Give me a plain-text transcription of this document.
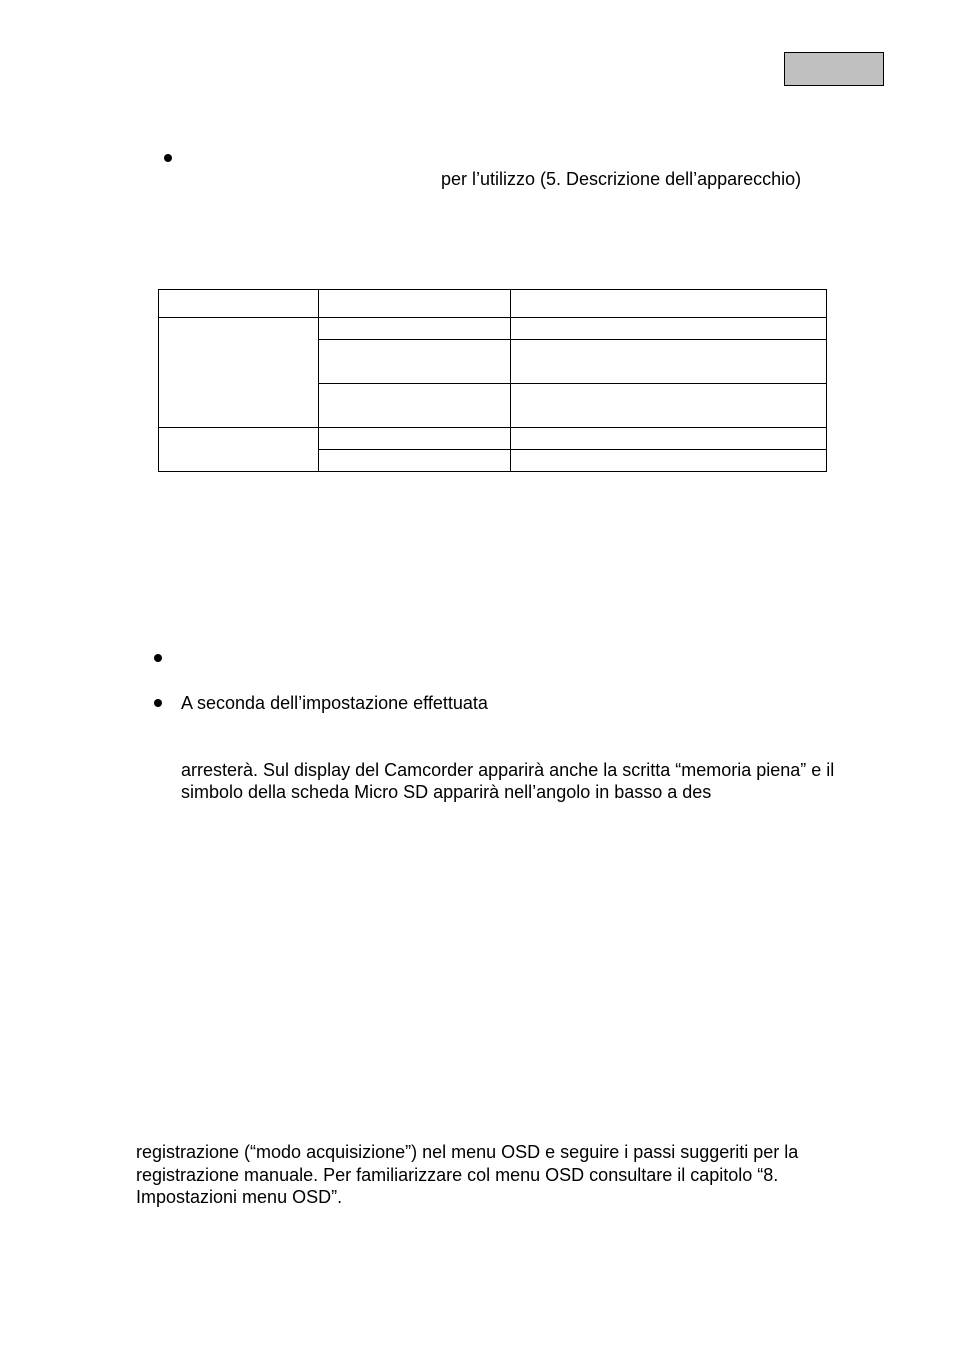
per l’utilizzo (5. Descrizione dell’apparecchio)

A seconda dell’impostazione effettuata
arresterà. Sul display del Camcorder apparirà anche la scritta “memoria piena” e il
simbolo della scheda Micro SD apparirà nell’angolo in basso a des
registrazione (“modo acquisizione”) nel menu OSD e seguire i passi suggeriti per la
registrazione manuale. Per familiarizzare col menu OSD consultare il capitolo “8.
Impostazioni menu OSD”.
